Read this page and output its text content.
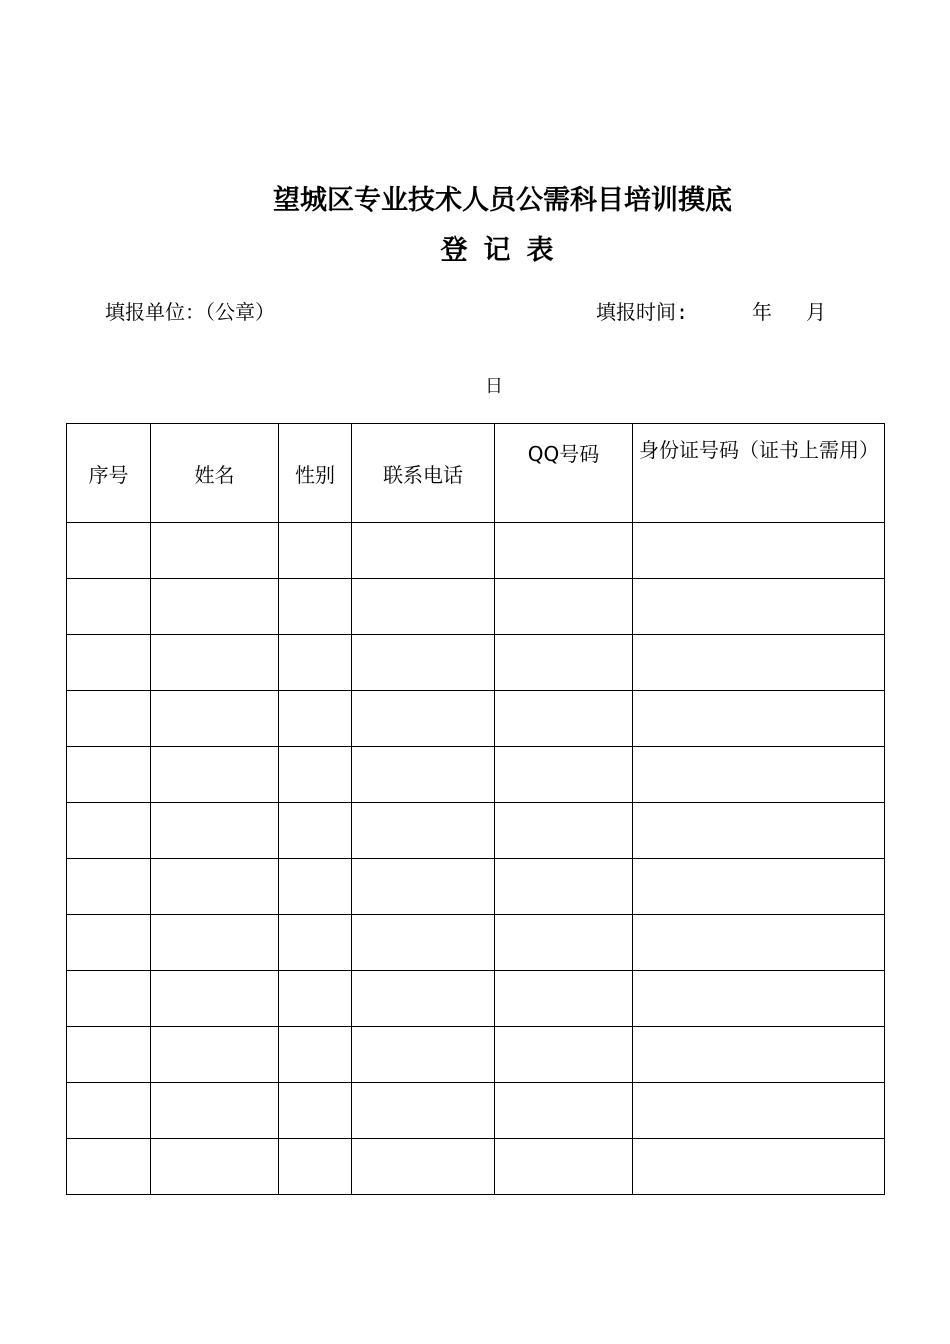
望城区专业技术人员公需科目培训摸底
登记表
填报单位：（公章）	填报时间:	年 月
日
序号	姓名	性别	联系电话	QQ号码	身份证号码（证书上需用）
